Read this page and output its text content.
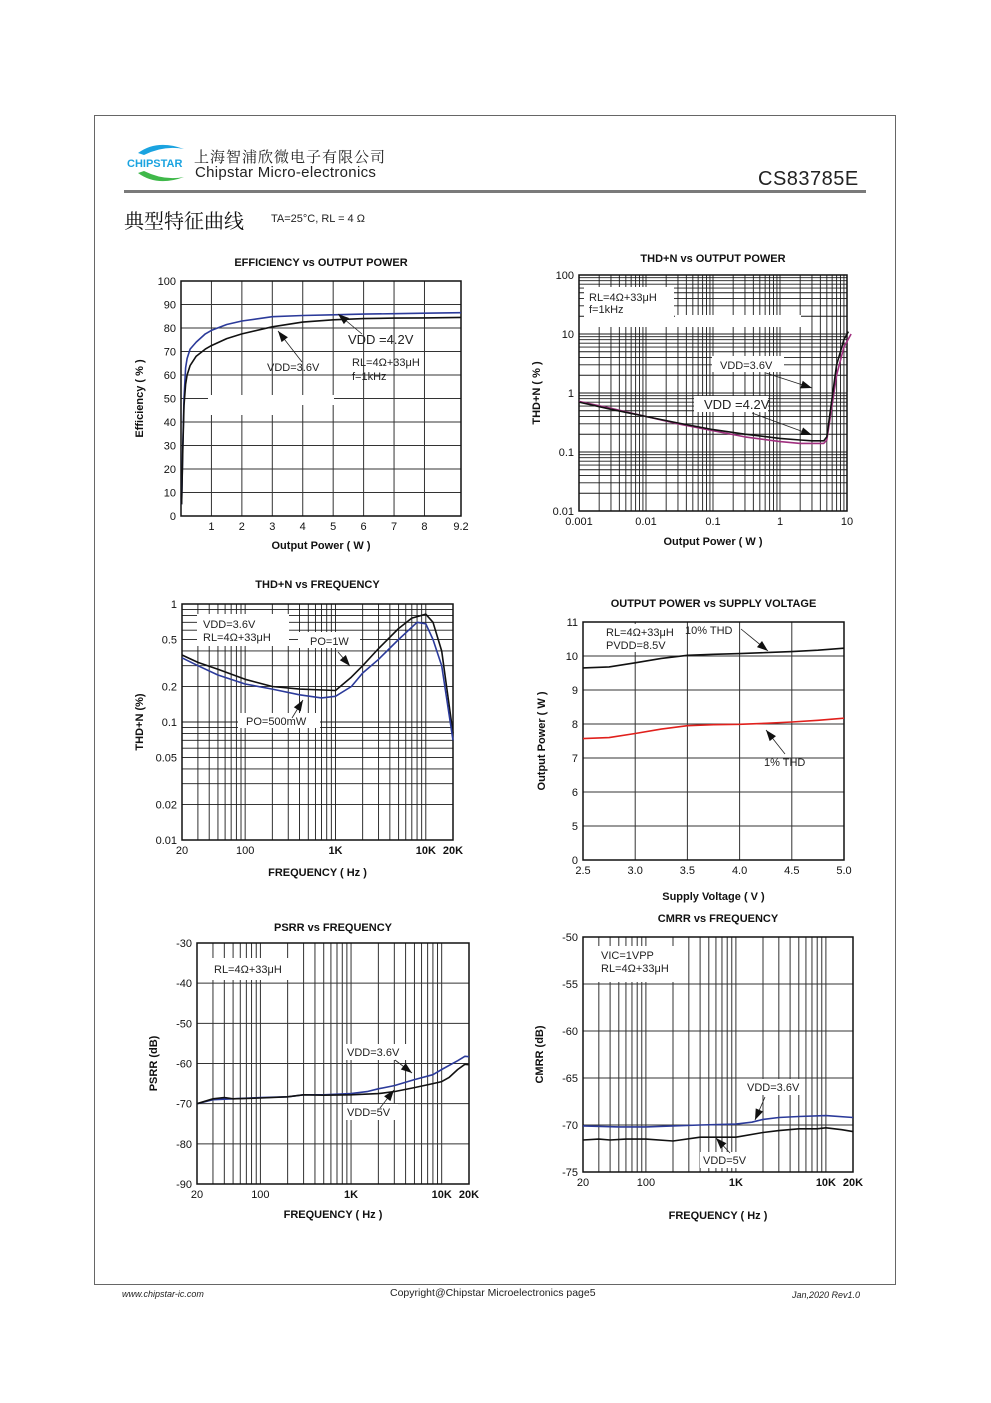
CHIPSTAR 上海智浦欣微电子有限公司
Chipstar Micro-electronics	CS83785E
典型特征曲线 TA=25°C, RL = 4 Ω
EFFICIENCY vs OUTPUT POWER
0
10
20
30
40
50
60
70
80
90
100
1 2 3 4 5 6 7 8 9.2
Output Power ( W )
Efficiency ( % )
VDD =4.2V
VDD=3.6V	RL=4Ω+33μH
f=1kHz
THD+N vs OUTPUT POWER
0.01
0.1
1
10
100
0.001	0.01	0.1	1	10
Output Power ( W )
THD+N ( % )
RL=4Ω+33μH
f=1kHz
VDD=3.6V
VDD =4.2V
THD+N vs FREQUENCY
0.01
0.02
0.05
0.1
0.2
0.5
1
20	100	1K	10K 20K
FREQUENCY ( Hz )
THD+N (%)
VDD=3.6V
RL=4Ω+33μH	PO=1W
PO=500mW
OUTPUT POWER vs SUPPLY VOLTAGE
0
5
6
7
8
9
10
11
2.5	3.0	3.5	4.0	4.5	5.0
Supply Voltage ( V )
Output Power ( W )
RL=4Ω+33μH
PVDD=8.5V
10% THD
1% THD
PSRR vs FREQUENCY
-90
-80
-70
-60
-50
-40
-30
20	100	1K	10K 20K
FREQUENCY ( Hz )
PSRR (dB)
RL=4Ω+33μH
VDD=3.6V
VDD=5V
CMRR vs FREQUENCY
-75
-70
-65
-60
-55
-50
20	100	1K	10K 20K
FREQUENCY ( Hz )
CMRR (dB)
VIC=1VPP
RL=4Ω+33μH
VDD=3.6V
VDD=5V
www.chipstar-ic.com	Copyright@Chipstar Microelectronics page5	Jan,2020 Rev1.0
